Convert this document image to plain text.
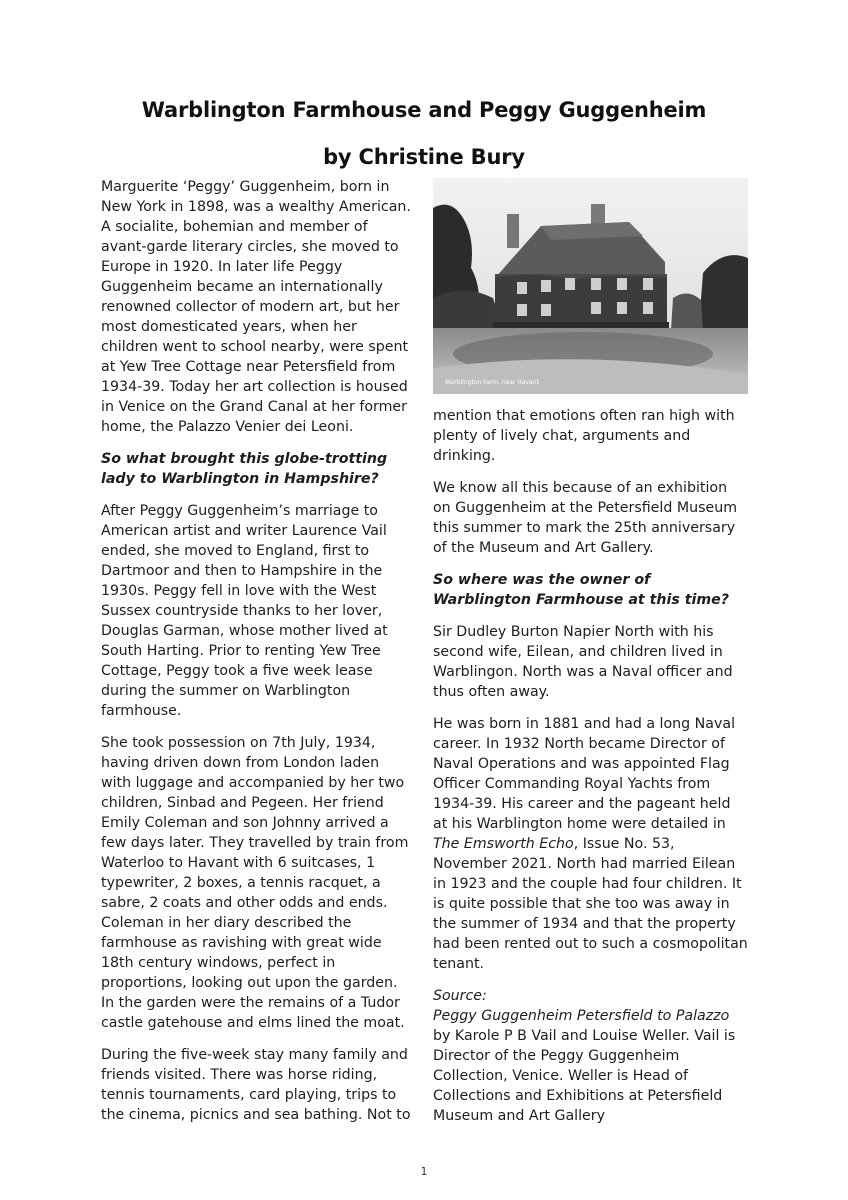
Warblington Farmhouse and Peggy Guggenheim
by Christine Bury

Marguerite ‘Peggy’ Guggenheim, born in New York in 1898, was a wealthy American. A socialite, bohemian and member of avant-garde literary circles, she moved to Europe in 1920. In later life Peggy Guggenheim became an internationally renowned collector of modern art, but her most domesticated years, when her children went to school nearby, were spent at Yew Tree Cottage near Petersfield from 1934-39. Today her art collection is housed in Venice on the Grand Canal at her former home, the Palazzo Venier dei Leoni.

So what brought this globe-trotting lady to Warblington in Hampshire?

After Peggy Guggenheim’s marriage to American artist and writer Laurence Vail ended, she moved to England, first to Dartmoor and then to Hampshire in the 1930s. Peggy fell in love with the West Sussex countryside thanks to her lover, Douglas Garman, whose mother lived at South Harting. Prior to renting Yew Tree Cottage, Peggy took a five week lease during the summer on Warblington farmhouse.

She took possession on 7th July, 1934, having driven down from London laden with luggage and accompanied by her two children, Sinbad and Pegeen. Her friend Emily Coleman and son Johnny arrived a few days later. They travelled by train from Waterloo to Havant with 6 suitcases, 1 typewriter, 2 boxes, a tennis racquet, a sabre, 2 coats and other odds and ends. Coleman in her diary described the farmhouse as ravishing with great wide 18th century windows, perfect in proportions, looking out upon the garden. In the garden were the remains of a Tudor castle gatehouse and elms lined the moat.

During the five-week stay many family and friends visited. There was horse riding, tennis tournaments, card playing, trips to the cinema, picnics and sea bathing. Not to

Warblington Farm, near Havant

mention that emotions often ran high with plenty of lively chat, arguments and drinking.

We know all this because of an exhibition on Guggenheim at the Petersfield Museum this summer to mark the 25th anniversary of the Museum and Art Gallery.

So where was the owner of Warblington Farmhouse at this time?

Sir Dudley Burton Napier North with his second wife, Eilean, and children lived in Warblingon. North was a Naval officer and thus often away.

He was born in 1881 and had a long Naval career. In 1932 North became Director of Naval Operations and was appointed Flag Officer Commanding Royal Yachts from 1934-39. His career and the pageant held at his Warblington home were detailed in The Emsworth Echo, Issue No. 53, November 2021. North had married Eilean in 1923 and the couple had four children. It is quite possible that she too was away in the summer of 1934 and that the property had been rented out to such a cosmopolitan tenant.

Source:
Peggy Guggenheim Petersfield to Palazzo
by Karole P B Vail and Louise Weller. Vail is Director of the Peggy Guggenheim Collection, Venice. Weller is Head of Collections and Exhibitions at Petersfield Museum and Art Gallery

1
